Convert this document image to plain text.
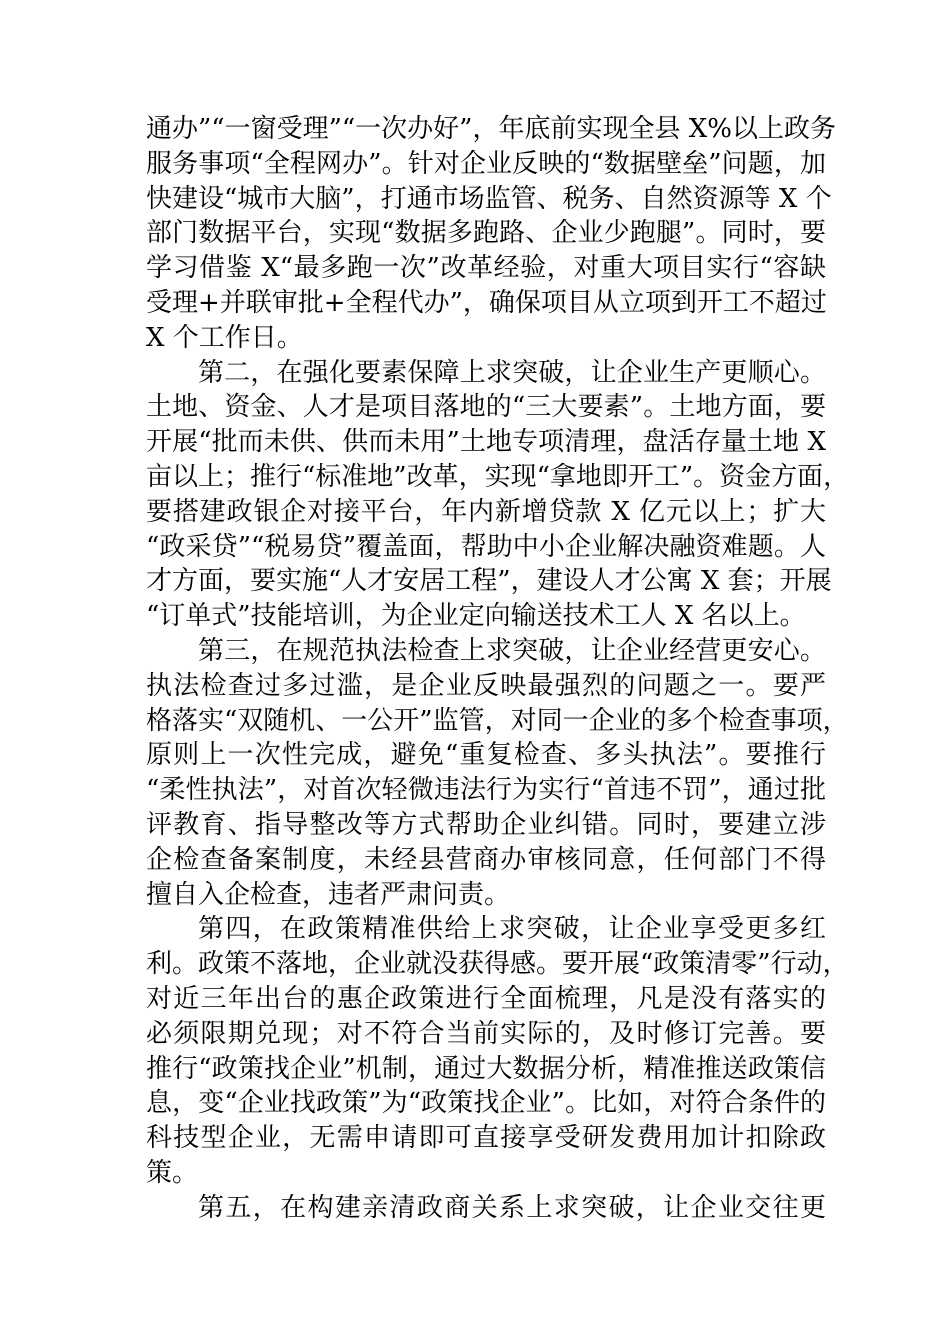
通办”“一窗受理”“一次办好”，年底前实现全县 X%以上政务
服务事项“全程网办”。针对企业反映的“数据壁垒”问题，加
快建设“城市大脑”，打通市场监管、税务、自然资源等 X 个
部门数据平台，实现“数据多跑路、企业少跑腿”。同时，要
学习借鉴 X“最多跑一次”改革经验，对重大项目实行“容缺
受理+并联审批+全程代办”，确保项目从立项到开工不超过
X 个工作日。
第二，在强化要素保障上求突破，让企业生产更顺心。
土地、资金、人才是项目落地的“三大要素”。土地方面，要
开展“批而未供、供而未用”土地专项清理，盘活存量土地 X
亩以上；推行“标准地”改革，实现“拿地即开工”。资金方面，
要搭建政银企对接平台，年内新增贷款 X 亿元以上；扩大
“政采贷”“税易贷”覆盖面，帮助中小企业解决融资难题。人
才方面，要实施“人才安居工程”，建设人才公寓 X 套；开展
“订单式”技能培训，为企业定向输送技术工人 X 名以上。
第三，在规范执法检查上求突破，让企业经营更安心。
执法检查过多过滥，是企业反映最强烈的问题之一。要严
格落实“双随机、一公开”监管，对同一企业的多个检查事项，
原则上一次性完成，避免“重复检查、多头执法”。要推行
“柔性执法”，对首次轻微违法行为实行“首违不罚”，通过批
评教育、指导整改等方式帮助企业纠错。同时，要建立涉
企检查备案制度，未经县营商办审核同意，任何部门不得
擅自入企检查，违者严肃问责。
第四，在政策精准供给上求突破，让企业享受更多红
利。政策不落地，企业就没获得感。要开展“政策清零”行动，
对近三年出台的惠企政策进行全面梳理，凡是没有落实的
必须限期兑现；对不符合当前实际的，及时修订完善。要
推行“政策找企业”机制，通过大数据分析，精准推送政策信
息，变“企业找政策”为“政策找企业”。比如，对符合条件的
科技型企业，无需申请即可直接享受研发费用加计扣除政
策。
第五，在构建亲清政商关系上求突破，让企业交往更
